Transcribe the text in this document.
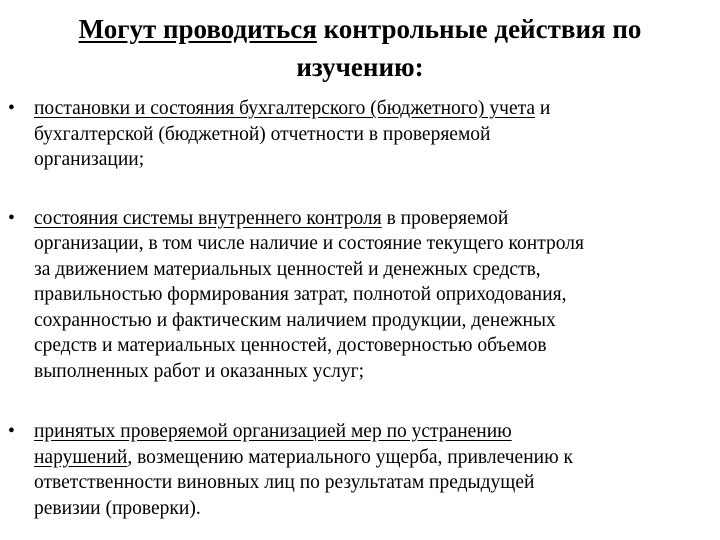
Могут проводиться контрольные действия по
изучению:
• постановки и состояния бухгалтерского (бюджетного) учета и
бухгалтерской (бюджетной) отчетности в проверяемой
организации;
• состояния системы внутреннего контроля в проверяемой
организации, в том числе наличие и состояние текущего контроля
за движением материальных ценностей и денежных средств,
правильностью формирования затрат, полнотой оприходования,
сохранностью и фактическим наличием продукции, денежных
средств и материальных ценностей, достоверностью объемов
выполненных работ и оказанных услуг;
• принятых проверяемой организацией мер по устранению
нарушений, возмещению материального ущерба, привлечению к
ответственности виновных лиц по результатам предыдущей
ревизии (проверки).
